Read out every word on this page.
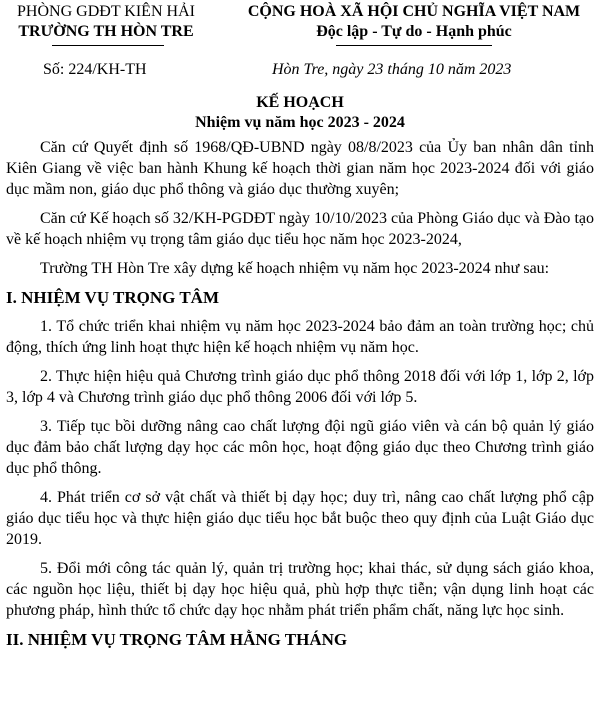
PHÒNG GDĐT KIÊN HẢI
TRƯỜNG TH HÒN TRE
CỘNG HOÀ XÃ HỘI CHỦ NGHĨA VIỆT NAM
Độc lập - Tự do - Hạnh phúc
Số: 224/KH-TH	Hòn Tre, ngày 23 tháng 10 năm 2023
KẾ HOẠCH
Nhiệm vụ năm học 2023 - 2024

Căn cứ Quyết định số 1968/QĐ-UBND ngày 08/8/2023 của Ủy ban nhân dân tỉnh Kiên Giang về việc ban hành Khung kế hoạch thời gian năm học 2023-2024 đối với giáo dục mầm non, giáo dục phổ thông và giáo dục thường xuyên;

Căn cứ Kế hoạch số 32/KH-PGDĐT ngày 10/10/2023 của Phòng Giáo dục và Đào tạo về kế hoạch nhiệm vụ trọng tâm giáo dục tiểu học năm học 2023-2024,

Trường TH Hòn Tre xây dựng kế hoạch nhiệm vụ năm học 2023-2024 như sau:

I. NHIỆM VỤ TRỌNG TÂM

1. Tổ chức triển khai nhiệm vụ năm học 2023-2024 bảo đảm an toàn trường học; chủ động, thích ứng linh hoạt thực hiện kế hoạch nhiệm vụ năm học.

2. Thực hiện hiệu quả Chương trình giáo dục phổ thông 2018 đối với lớp 1, lớp 2, lớp 3, lớp 4 và Chương trình giáo dục phổ thông 2006 đối với lớp 5.

3. Tiếp tục bồi dưỡng nâng cao chất lượng đội ngũ giáo viên và cán bộ quản lý giáo dục đảm bảo chất lượng dạy học các môn học, hoạt động giáo dục theo Chương trình giáo dục phổ thông.

4. Phát triển cơ sở vật chất và thiết bị dạy học; duy trì, nâng cao chất lượng phổ cập giáo dục tiểu học và thực hiện giáo dục tiểu học bắt buộc theo quy định của Luật Giáo dục 2019.

5. Đổi mới công tác quản lý, quản trị trường học; khai thác, sử dụng sách giáo khoa, các nguồn học liệu, thiết bị dạy học hiệu quả, phù hợp thực tiễn; vận dụng linh hoạt các phương pháp, hình thức tổ chức dạy học nhằm phát triển phẩm chất, năng lực học sinh.

II. NHIỆM VỤ TRỌNG TÂM HẰNG THÁNG
